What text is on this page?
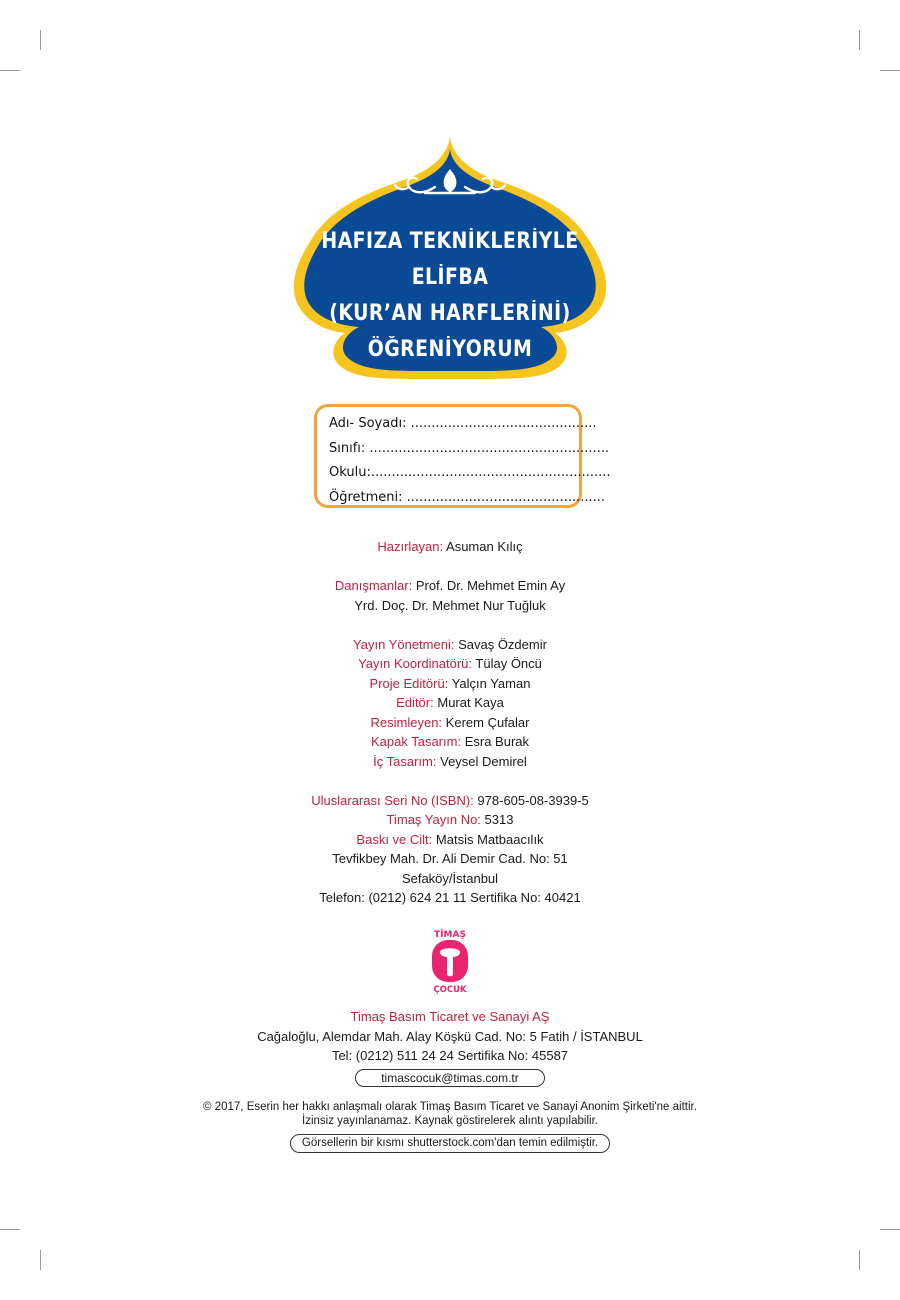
HAFIZA TEKNİKLERİYLE
ELİFBA
(KUR’AN HARFLERİNİ)
ÖĞRENİYORUM
Adı- Soyadı: .............................................
Sınıfı: ..........................................................
Okulu:..........................................................
Öğretmeni: ................................................
Hazırlayan: Asuman Kılıç
Danışmanlar: Prof. Dr. Mehmet Emin Ay
Yrd. Doç. Dr. Mehmet Nur Tuğluk
Yayın Yönetmeni: Savaş Özdemir
Yayın Koordinatörü: Tülay Öncü
Proje Editörü: Yalçın Yaman
Editör: Murat Kaya
Resimleyen: Kerem Çufalar
Kapak Tasarım: Esra Burak
İç Tasarım: Veysel Demirel
Uluslararası Seri No (ISBN): 978-605-08-3939-5
Timaş Yayın No: 5313
Baskı ve Cilt: Matsis Matbaacılık
Tevfikbey Mah. Dr. Ali Demir Cad. No: 51
Sefaköy/İstanbul
Telefon: (0212) 624 21 11 Sertifika No: 40421
TİMAŞ
ÇOCUK
Timaş Basım Ticaret ve Sanayi AŞ
Cağaloğlu, Alemdar Mah. Alay Köşkü Cad. No: 5 Fatih / İSTANBUL
Tel: (0212) 511 24 24 Sertifika No: 45587
timascocuk@timas.com.tr
© 2017, Eserin her hakkı anlaşmalı olarak Timaş Basım Ticaret ve Sanayi Anonim Şirketi'ne aittir.
İzinsiz yayınlanamaz. Kaynak göstirelerek alıntı yapılabilir.
Görsellerin bir kısmı shutterstock.com'dan temin edilmiştir.
